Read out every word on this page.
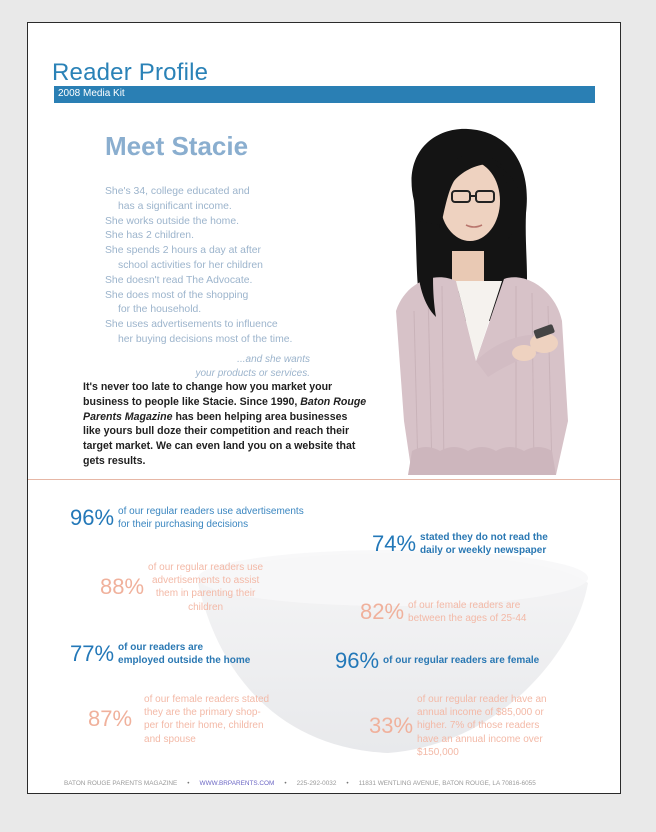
Reader Profile
2008 Media Kit
Meet Stacie
She's 34, college educated and
has a significant income.
She works outside the home.
She has 2 children.
She spends 2 hours a day at after
school activities for her children
She doesn't read The Advocate.
She does most of the shopping
for the household.
She uses advertisements to influence
her buying decisions most of the time.
...and she wants
your products or services.
It's never too late to change how you market your
business to people like Stacie. Since 1990, Baton Rouge
Parents Magazine has been helping area businesses
like yours bull doze their competition and reach their
target market. We can even land you on a website that
gets results.
96% of our regular readers use advertisements
for their purchasing decisions
74% stated they do not read the
daily or weekly newspaper
88%
of our regular readers use
advertisements to assist
them in parenting their
children	82% of our female readers are
between the ages of 25-44
77% of our readers are
employed outside the home	96% of our regular readers are female
87%
of our female readers stated
they are the primary shop-
per for their home, children
and spouse
33%
of our regular reader have an
annual income of $85,000 or
higher. 7% of those readers
have an annual income over
$150,000
BATON ROUGE PARENTS MAGAZINE • WWW.BRPARENTS.COM • 225-292-0032 • 11831 WENTLING AVENUE, BATON ROUGE, LA 70816-6055
